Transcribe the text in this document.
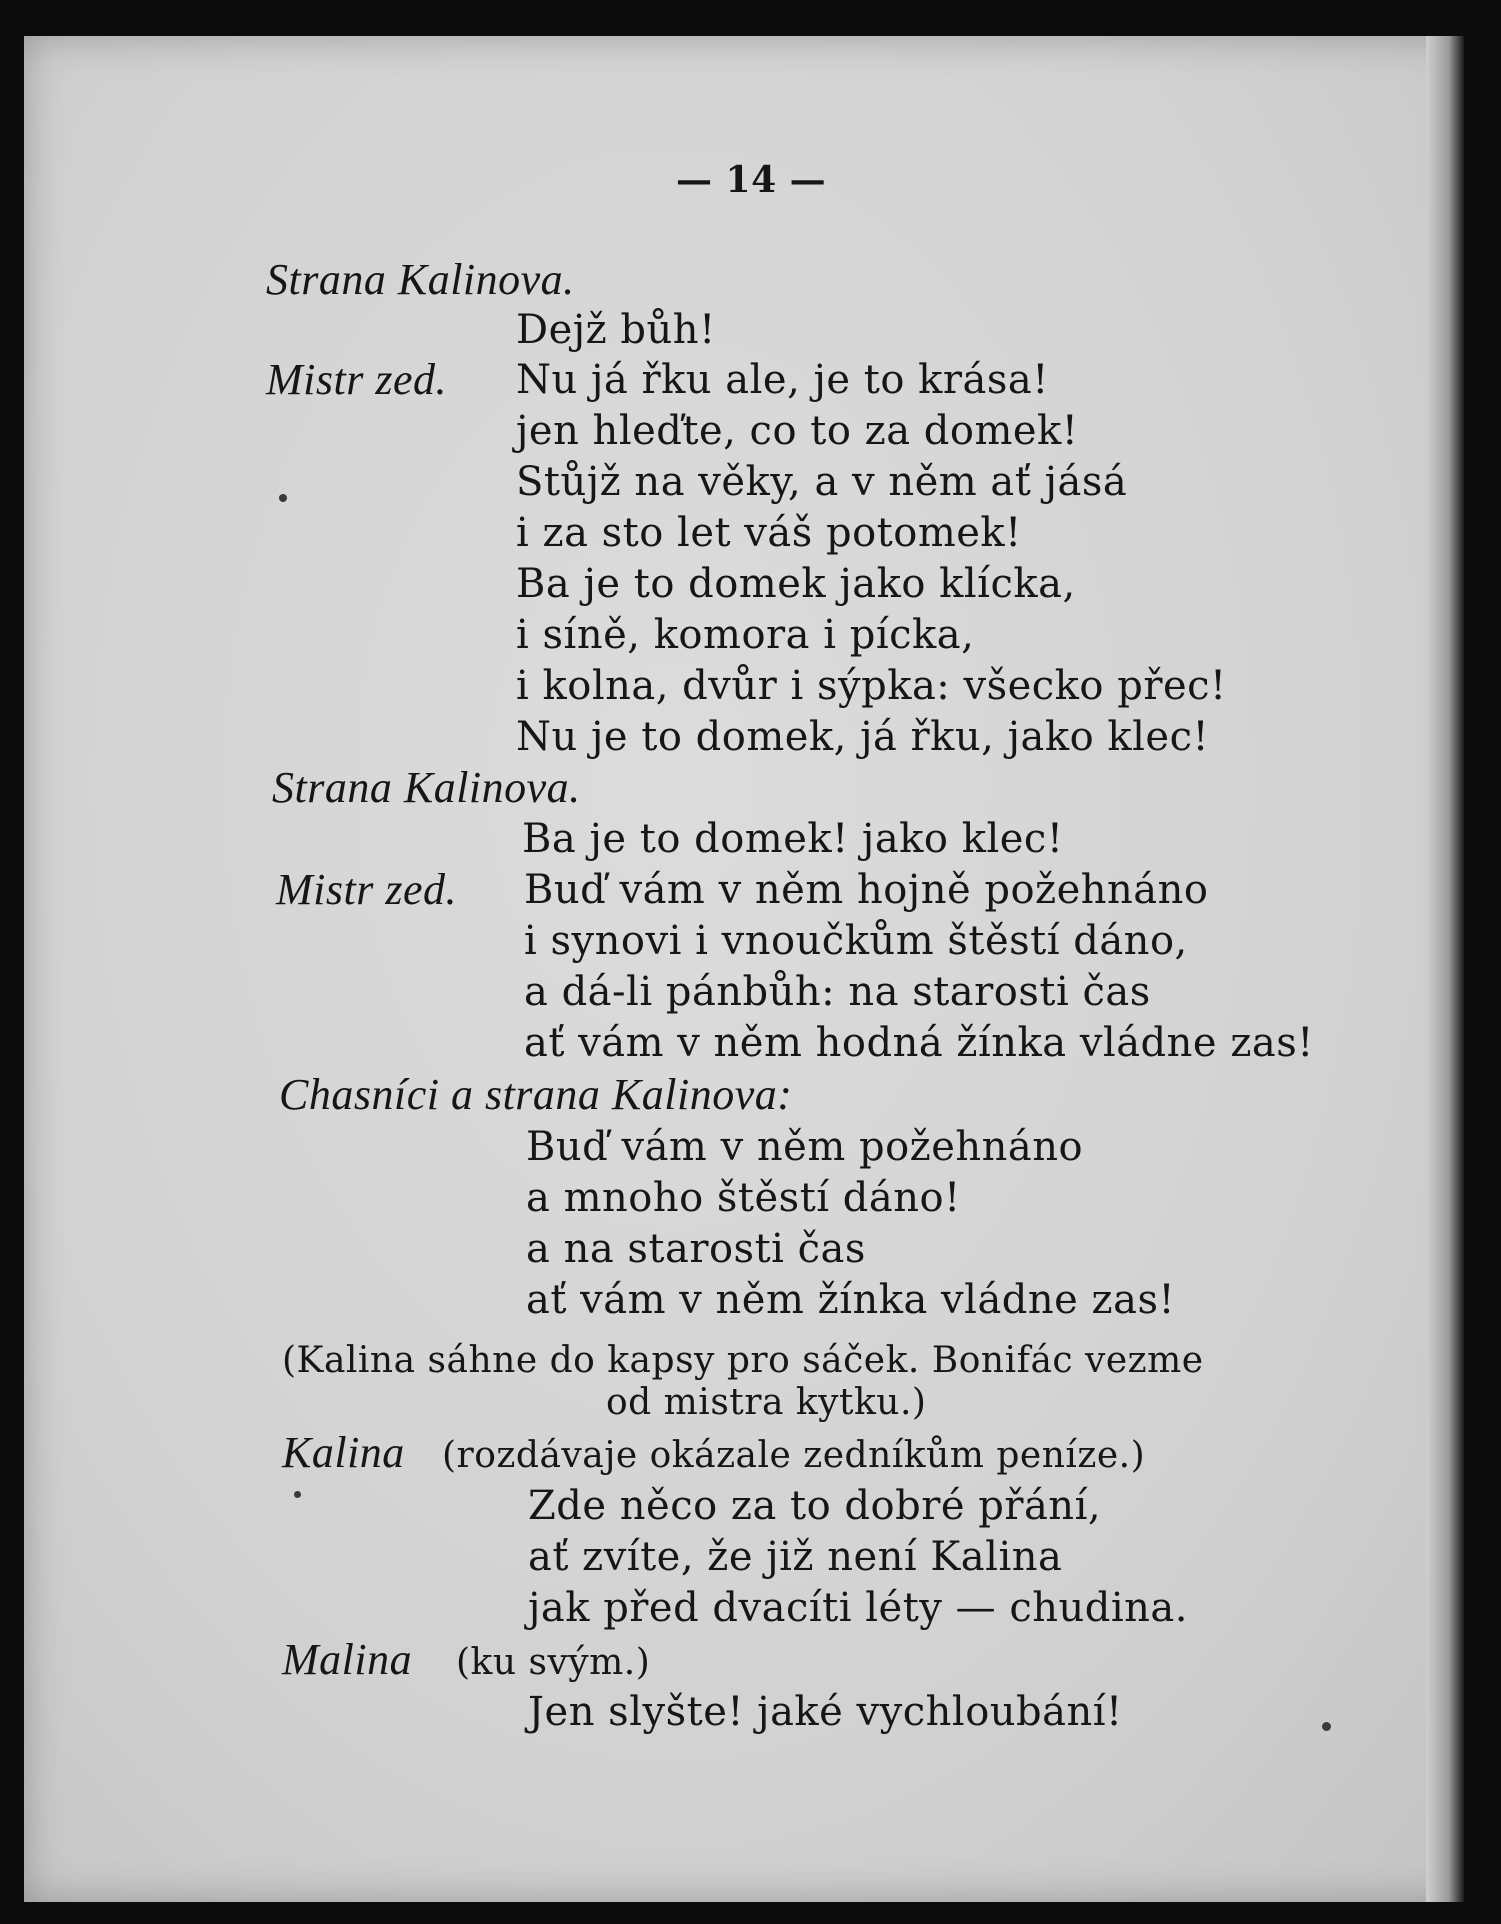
— 14 —
Strana Kalinova.
Dejž bůh!
Mistr zed. Nu já řku ale, je to krása!
jen hleďte, co to za domek!
Stůjž na věky, a v něm ať jásá
i za sto let váš potomek!
Ba je to domek jako klícka,
i síně, komora i pícka,
i kolna, dvůr i sýpka: všecko přec!
Nu je to domek, já řku, jako klec!
Strana Kalinova.
Ba je to domek! jako klec!
Mistr zed. Buď vám v něm hojně požehnáno
i synovi i vnoučkům štěstí dáno,
a dá-li pánbůh: na starosti čas
ať vám v něm hodná žínka vládne zas!
Chasníci a strana Kalinova:
Buď vám v něm požehnáno
a mnoho štěstí dáno!
a na starosti čas
ať vám v něm žínka vládne zas!
(Kalina sáhne do kapsy pro sáček. Bonifác vezme
od mistra kytku.)
Kalina (rozdávaje okázale zedníkům peníze.)
Zde něco za to dobré přání,
ať zvíte, že již není Kalina
jak před dvacíti léty — chudina.
Malina (ku svým.)
Jen slyšte! jaké vychloubání!
